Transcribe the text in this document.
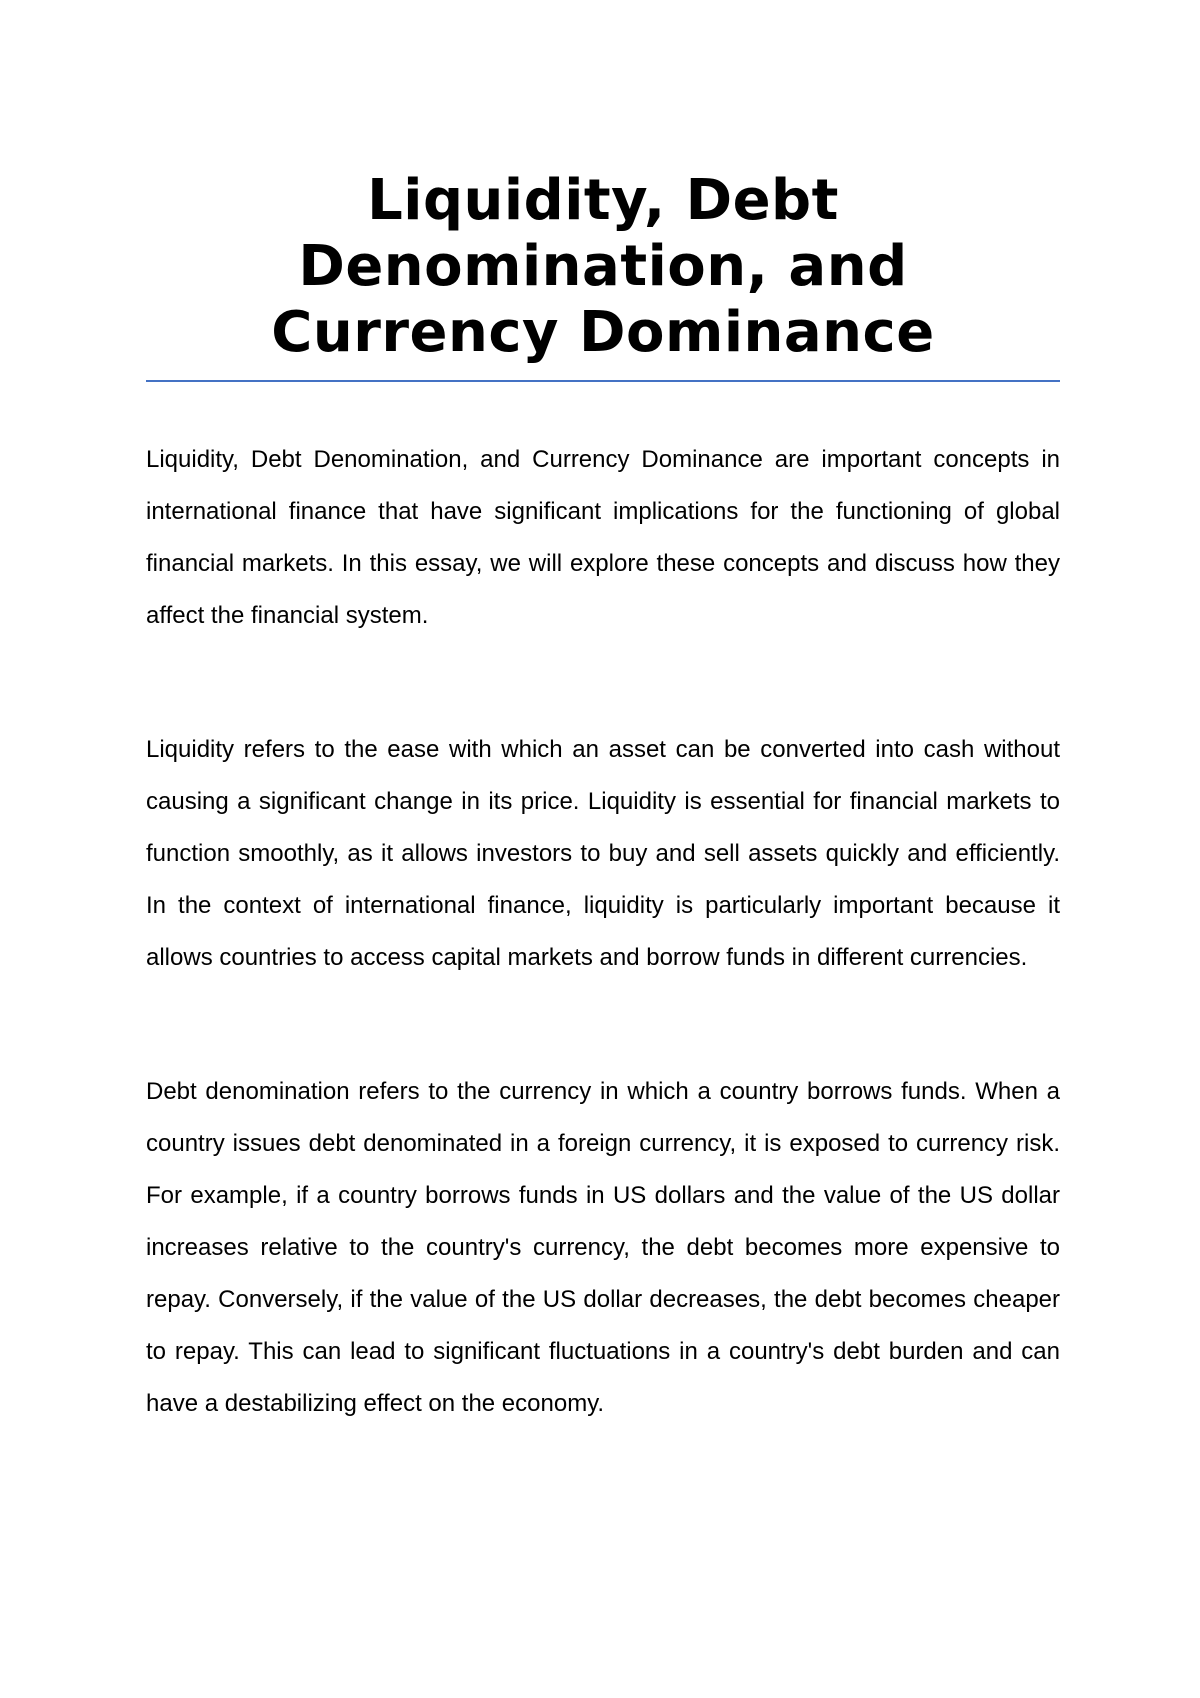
Liquidity, Debt Denomination, and Currency Dominance

Liquidity, Debt Denomination, and Currency Dominance are important concepts in international finance that have significant implications for the functioning of global financial markets. In this essay, we will explore these concepts and discuss how they affect the financial system.

Liquidity refers to the ease with which an asset can be converted into cash without causing a significant change in its price. Liquidity is essential for financial markets to function smoothly, as it allows investors to buy and sell assets quickly and efficiently. In the context of international finance, liquidity is particularly important because it allows countries to access capital markets and borrow funds in different currencies.

Debt denomination refers to the currency in which a country borrows funds. When a country issues debt denominated in a foreign currency, it is exposed to currency risk. For example, if a country borrows funds in US dollars and the value of the US dollar increases relative to the country's currency, the debt becomes more expensive to repay. Conversely, if the value of the US dollar decreases, the debt becomes cheaper to repay. This can lead to significant fluctuations in a country's debt burden and can have a destabilizing effect on the economy.
